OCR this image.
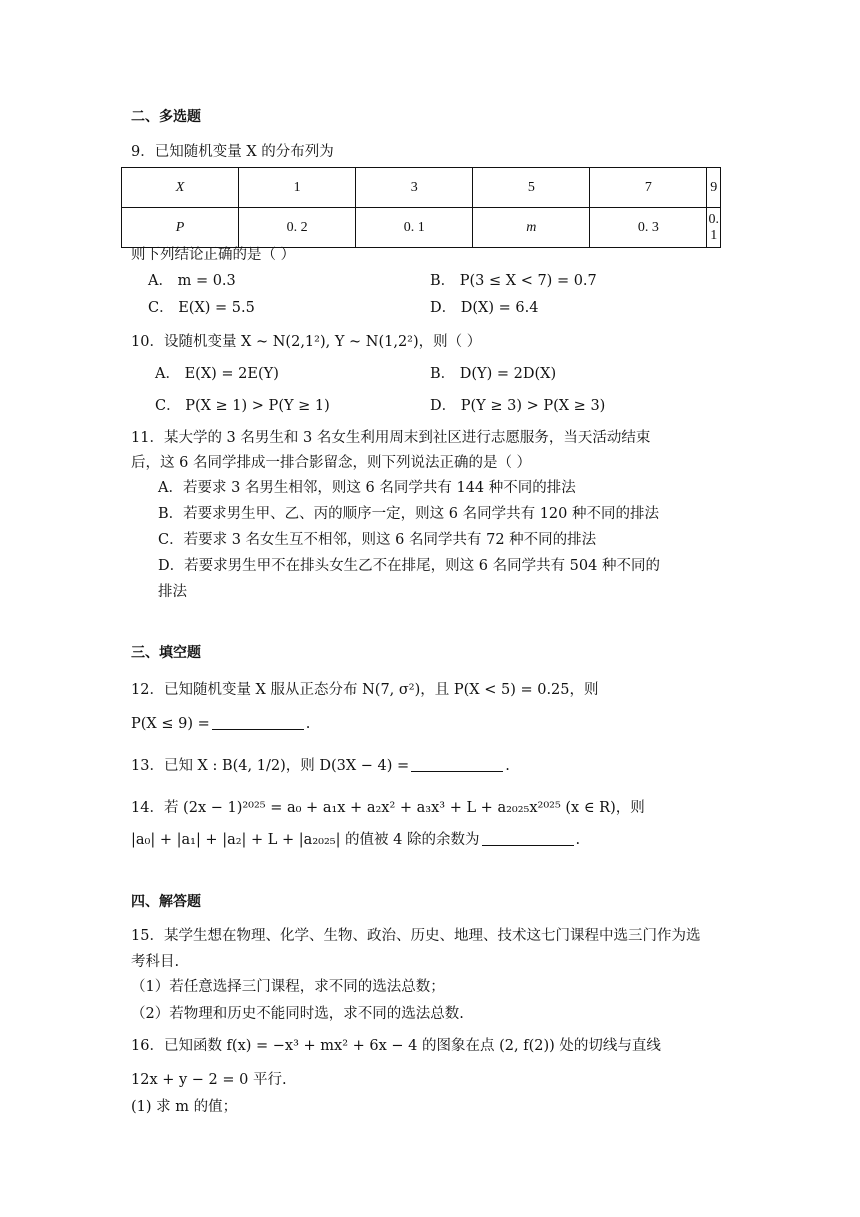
二、多选题
9．已知随机变量 X 的分布列为
X	1	3	5	7	9
P	0. 2	0. 1	m	0. 3	0. 1
则下列结论正确的是（ ）
A． m = 0.3	B． P(3 ≤ X < 7) = 0.7
C． E(X) = 5.5	D． D(X) = 6.4
10．设随机变量 X ~ N(2,1²), Y ~ N(1,2²)，则（ ）
A． E(X) = 2E(Y)	B． D(Y) = 2D(X)
C． P(X ≥ 1) > P(Y ≥ 1)	D． P(Y ≥ 3) > P(X ≥ 3)
11．某大学的 3 名男生和 3 名女生利用周末到社区进行志愿服务，当天活动结束
后，这 6 名同学排成一排合影留念，则下列说法正确的是（ ）
A．若要求 3 名男生相邻，则这 6 名同学共有 144 种不同的排法
B．若要求男生甲、乙、丙的顺序一定，则这 6 名同学共有 120 种不同的排法
C．若要求 3 名女生互不相邻，则这 6 名同学共有 72 种不同的排法
D．若要求男生甲不在排头女生乙不在排尾，则这 6 名同学共有 504 种不同的
排法
三、填空题
12．已知随机变量 X 服从正态分布 N(7, σ²)，且 P(X < 5) = 0.25，则
P(X ≤ 9) =	.
13．已知 X : B(4, 1/2)，则 D(3X − 4) =	.
14．若 (2x − 1)²⁰²⁵ = a₀ + a₁x + a₂x² + a₃x³ + L + a₂₀₂₅x²⁰²⁵ (x ∈ R)，则
|a₀| + |a₁| + |a₂| + L + |a₂₀₂₅| 的值被 4 除的余数为	.
四、解答题
15．某学生想在物理、化学、生物、政治、历史、地理、技术这七门课程中选三门作为选
考科目.
（1）若任意选择三门课程，求不同的选法总数；
（2）若物理和历史不能同时选，求不同的选法总数.
16．已知函数 f(x) = −x³ + mx² + 6x − 4 的图象在点 (2, f(2)) 处的切线与直线
12x + y − 2 = 0 平行.
(1) 求 m 的值；
